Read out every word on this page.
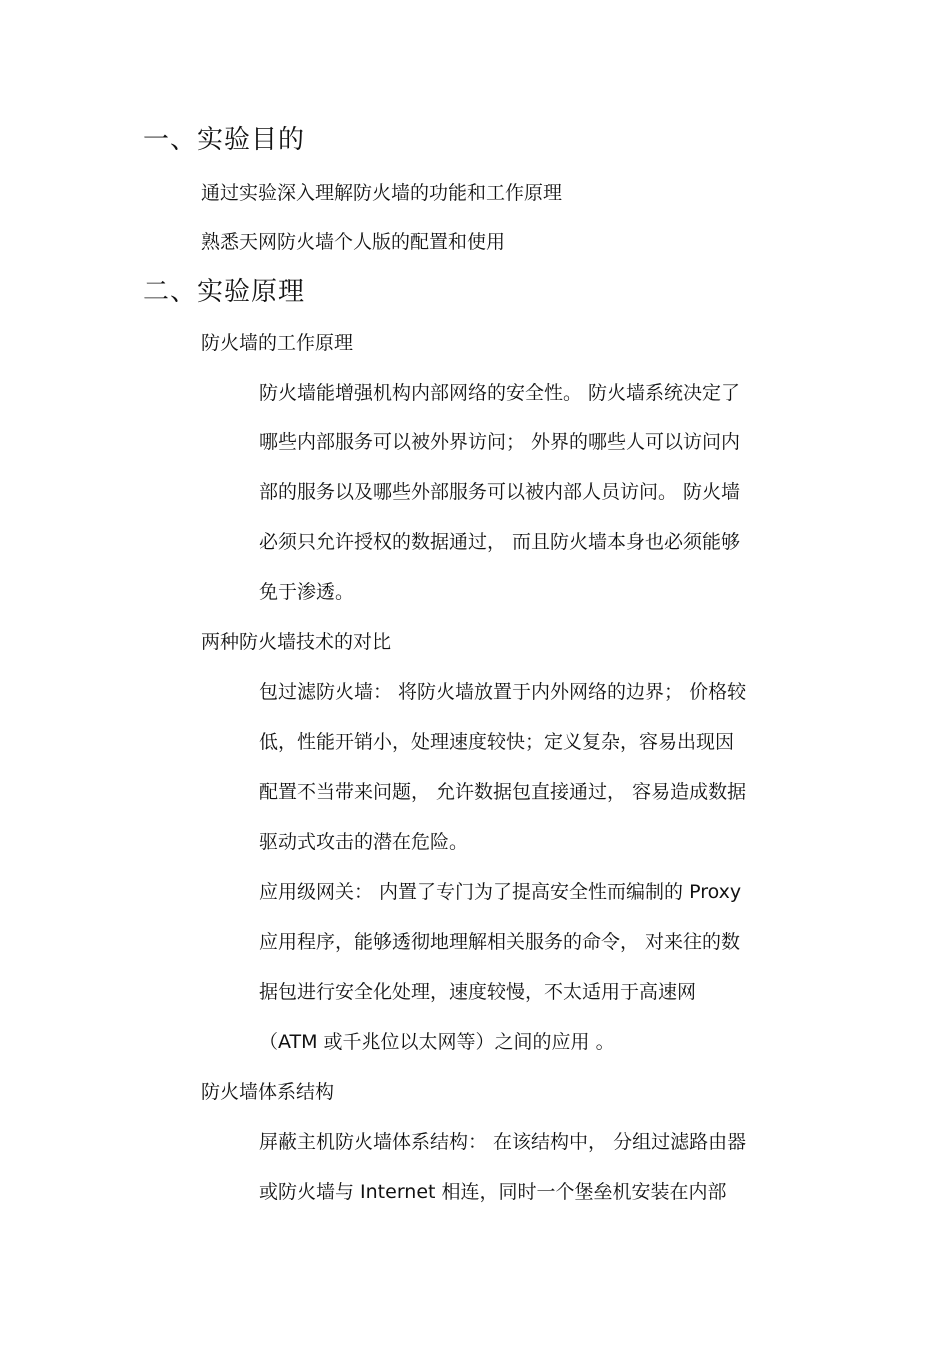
一、实验目的
通过实验深入理解防火墙的功能和工作原理
熟悉天网防火墙个人版的配置和使用
二、实验原理
防火墙的工作原理
防火墙能增强机构内部网络的安全性。 防火墙系统决定了
哪些内部服务可以被外界访问； 外界的哪些人可以访问内
部的服务以及哪些外部服务可以被内部人员访问。 防火墙
必须只允许授权的数据通过， 而且防火墙本身也必须能够
免于渗透。
两种防火墙技术的对比
包过滤防火墙： 将防火墙放置于内外网络的边界； 价格较
低，性能开销小，处理速度较快；定义复杂，容易出现因
配置不当带来问题， 允许数据包直接通过， 容易造成数据
驱动式攻击的潜在危险。
应用级网关： 内置了专门为了提高安全性而编制的 Proxy
应用程序，能够透彻地理解相关服务的命令， 对来往的数
据包进行安全化处理，速度较慢，不太适用于高速网
（ATM 或千兆位以太网等）之间的应用 。
防火墙体系结构
屏蔽主机防火墙体系结构： 在该结构中， 分组过滤路由器
或防火墙与 Internet 相连，同时一个堡垒机安装在内部
